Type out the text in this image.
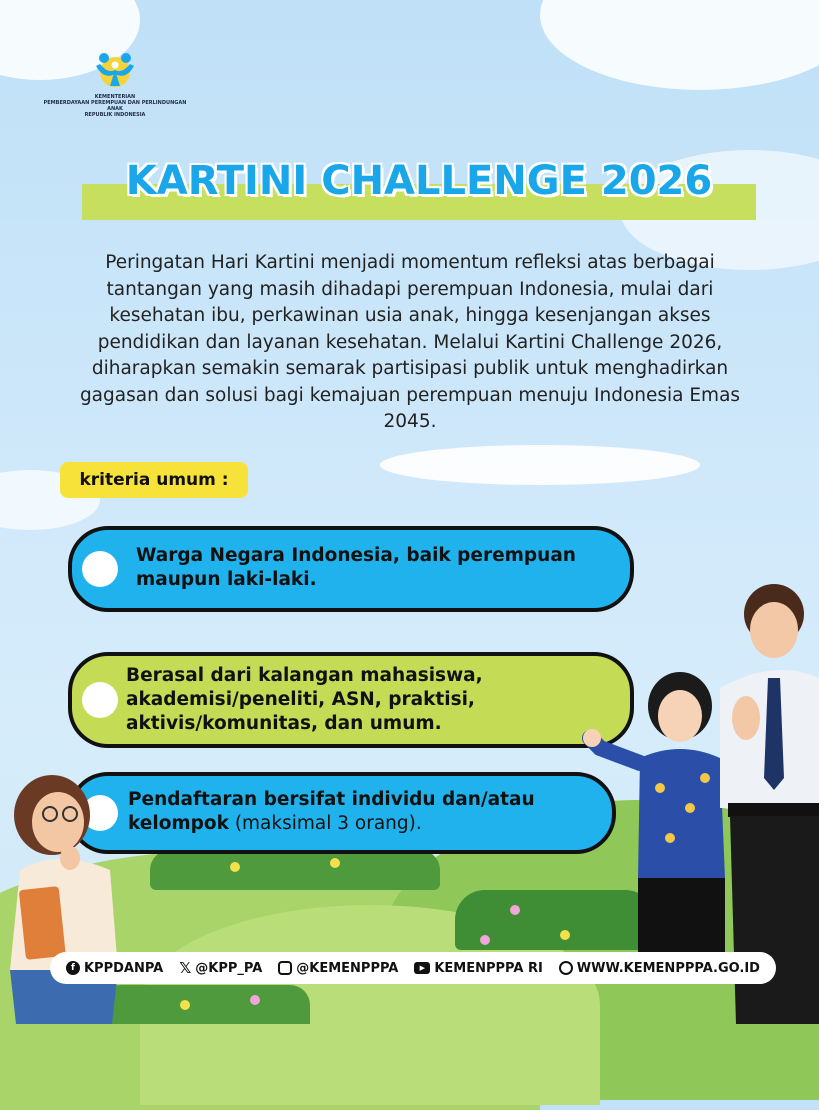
KEMENTERIAN
PEMBERDAYAAN PEREMPUAN DAN PERLINDUNGAN ANAK
REPUBLIK INDONESIA
KARTINI CHALLENGE 2026
Peringatan Hari Kartini menjadi momentum refleksi atas berbagai tantangan yang masih dihadapi perempuan Indonesia, mulai dari kesehatan ibu, perkawinan usia anak, hingga kesenjangan akses pendidikan dan layanan kesehatan. Melalui Kartini Challenge 2026, diharapkan semakin semarak partisipasi publik untuk menghadirkan gagasan dan solusi bagi kemajuan perempuan menuju Indonesia Emas 2045.
kriteria umum :
Warga Negara Indonesia, baik perempuan maupun laki-laki.
Berasal dari kalangan mahasiswa, akademisi/peneliti, ASN, praktisi, aktivis/komunitas, dan umum.
Pendaftaran bersifat individu dan/atau kelompok (maksimal 3 orang).
f KPPDANPA 𝕏 @KPP_PA	@KEMENPPPA	▶ KEMENPPPA RI	WWW.KEMENPPPA.GO.ID
